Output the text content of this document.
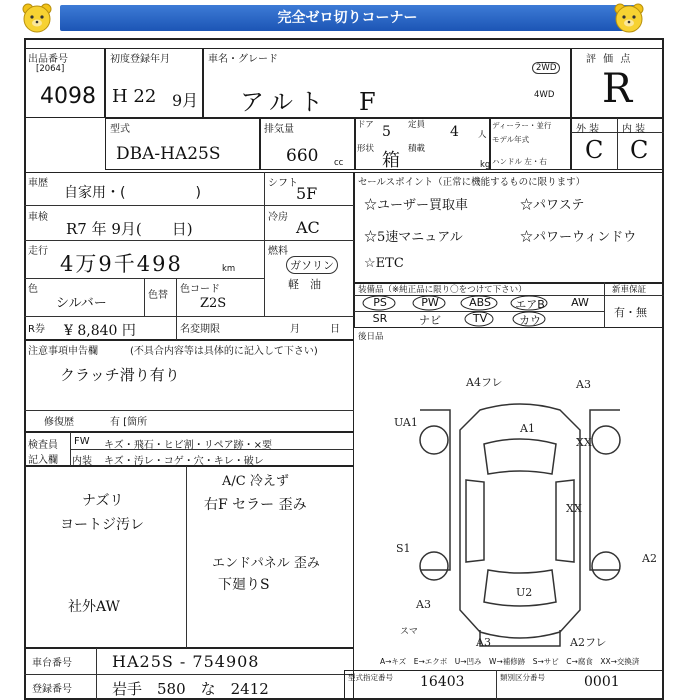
完全ゼロ切りコーナー
出品番号
[2064]
4098
初度登録年月
H 22 9月
車名・グレード
アルト　F
2WD
4WD
評 価 点
R
型式
DBA-HA25S
排気量
660 cc
ドア 5 定員 4 人
形状
箱
積載
kg
ディーラー・並行
モデル年式
ハンドル 左・右
外 装 内 装
C C
車歴
自家用・(　　　　　)
シフト
5F
車検
R7 年 9月(　　日)
冷房
AC
走行
4万9千498	km
燃料
ガソリン
軽　油
色
シルバー
色替
色コード
Z2S
R券 ¥ 8,840 円	名変期限	月　　　日
セールスポイント（正常に機能するものに限ります）
☆ユーザー買取車	☆パワステ
☆5速マニュアル	☆パワーウィンドウ
☆ETC
装備品（※純正品に限り〇をつけて下さい）	新車保証
有・無
PS	PW	ABS	エアB	AW
SR	ナビ	TV	カウ
後日品
注意事項申告欄	(不具合内容等は具体的に記入して下さい)
クラッチ滑り有り
修復歴	有 [箇所
検査員
記入欄
FW キズ・飛石・ヒビ割・リペア跡・×要
内装 キズ・汚レ・コゲ・穴・キレ・破レ
ナズリ
ヨートジ汚レ
A/C 冷えず
右F セラー 歪み
エンドパネル 歪み
下廻りS
社外AW
A4フレ	A3
UA1	A1
XX
XX
S1
A2
U2
A3
スマ
A3	A2フレ
A→キズ　E→エクボ　U→凹み　W→補修跡　S→サビ　C→腐食　XX→交換済
車台番号	HA25S - 754908
登録番号	岩手　580　な　2412
型式指定番号 16403	類別区分番号	0001
